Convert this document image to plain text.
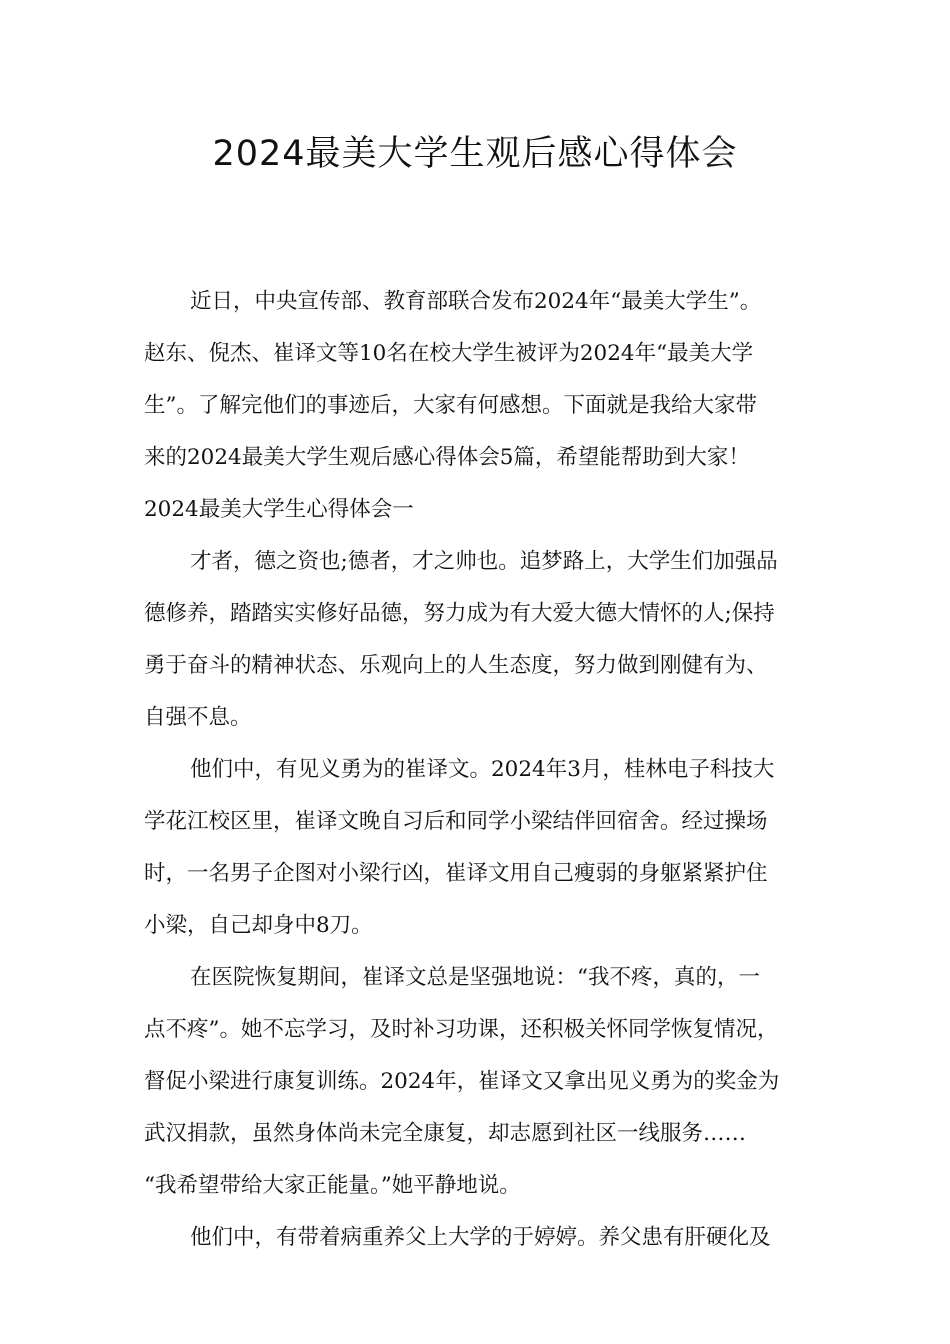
2024最美大学生观后感心得体会
近日，中央宣传部、教育部联合发布2024年“最美大学生”。
赵东、倪杰、崔译文等10名在校大学生被评为2024年“最美大学
生”。了解完他们的事迹后，大家有何感想。下面就是我给大家带
来的2024最美大学生观后感心得体会5篇，希望能帮助到大家！
2024最美大学生心得体会一
才者，德之资也;德者，才之帅也。追梦路上，大学生们加强品
德修养，踏踏实实修好品德，努力成为有大爱大德大情怀的人;保持
勇于奋斗的精神状态、乐观向上的人生态度，努力做到刚健有为、
自强不息。
他们中，有见义勇为的崔译文。2024年3月，桂林电子科技大
学花江校区里，崔译文晚自习后和同学小梁结伴回宿舍。经过操场
时，一名男子企图对小梁行凶，崔译文用自己瘦弱的身躯紧紧护住
小梁，自己却身中8刀。
在医院恢复期间，崔译文总是坚强地说：“我不疼，真的，一
点不疼”。她不忘学习，及时补习功课，还积极关怀同学恢复情况，
督促小梁进行康复训练。2024年，崔译文又拿出见义勇为的奖金为
武汉捐款，虽然身体尚未完全康复，却志愿到社区一线服务……
“我希望带给大家正能量。”她平静地说。
他们中，有带着病重养父上大学的于婷婷。养父患有肝硬化及
